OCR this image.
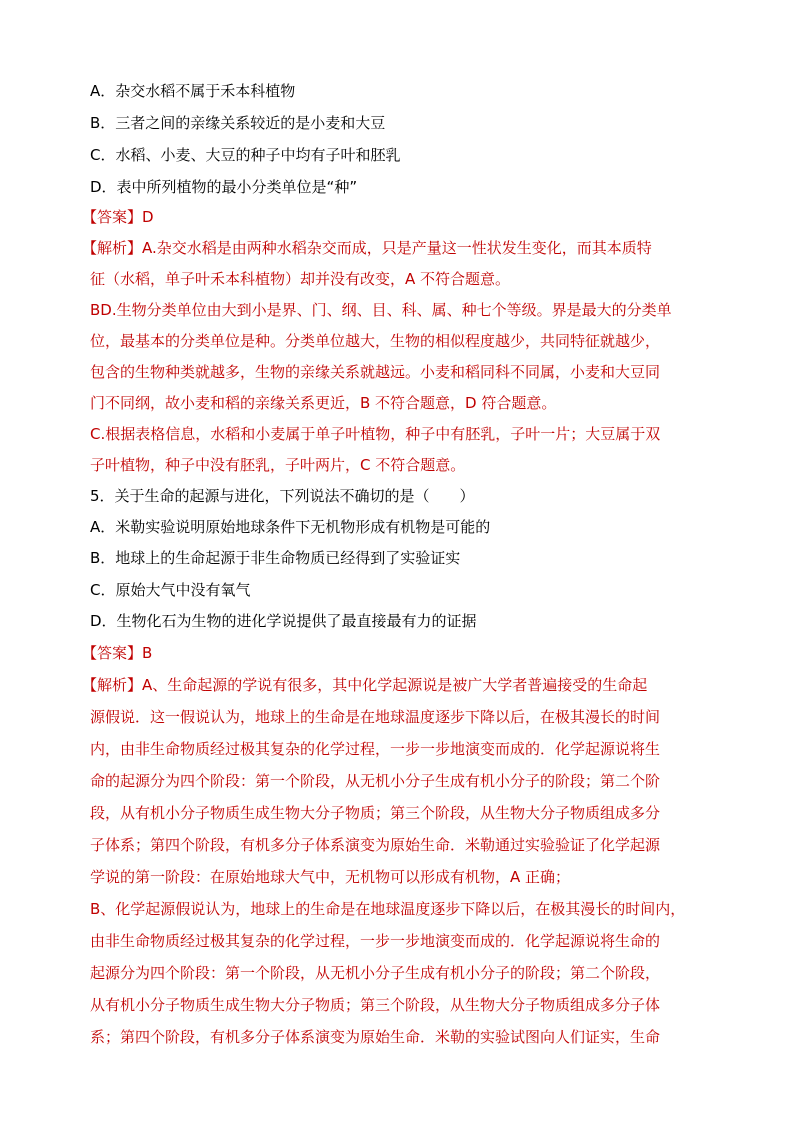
A．杂交水稻不属于禾本科植物
B．三者之间的亲缘关系较近的是小麦和大豆
C．水稻、小麦、大豆的种子中均有子叶和胚乳
D．表中所列植物的最小分类单位是“种”
【答案】D
【解析】A.杂交水稻是由两种水稻杂交而成，只是产量这一性状发生变化，而其本质特
征（水稻，单子叶禾本科植物）却并没有改变，A 不符合题意。
BD.生物分类单位由大到小是界、门、纲、目、科、属、种七个等级。界是最大的分类单
位，最基本的分类单位是种。分类单位越大，生物的相似程度越少，共同特征就越少，
包含的生物种类就越多，生物的亲缘关系就越远。小麦和稻同科不同属，小麦和大豆同
门不同纲，故小麦和稻的亲缘关系更近，B 不符合题意，D 符合题意。
C.根据表格信息，水稻和小麦属于单子叶植物，种子中有胚乳，子叶一片；大豆属于双
子叶植物，种子中没有胚乳，子叶两片，C 不符合题意。
5．关于生命的起源与进化，下列说法不确切的是（　　）
A．米勒实验说明原始地球条件下无机物形成有机物是可能的
B．地球上的生命起源于非生命物质已经得到了实验证实
C．原始大气中没有氧气
D．生物化石为生物的进化学说提供了最直接最有力的证据
【答案】B
【解析】A、生命起源的学说有很多，其中化学起源说是被广大学者普遍接受的生命起
源假说．这一假说认为，地球上的生命是在地球温度逐步下降以后，在极其漫长的时间
内，由非生命物质经过极其复杂的化学过程，一步一步地演变而成的．化学起源说将生
命的起源分为四个阶段：第一个阶段，从无机小分子生成有机小分子的阶段；第二个阶
段，从有机小分子物质生成生物大分子物质；第三个阶段，从生物大分子物质组成多分
子体系；第四个阶段，有机多分子体系演变为原始生命．米勒通过实验验证了化学起源
学说的第一阶段：在原始地球大气中，无机物可以形成有机物，A 正确；
B、化学起源假说认为，地球上的生命是在地球温度逐步下降以后，在极其漫长的时间内，
由非生命物质经过极其复杂的化学过程，一步一步地演变而成的．化学起源说将生命的
起源分为四个阶段：第一个阶段，从无机小分子生成有机小分子的阶段；第二个阶段，
从有机小分子物质生成生物大分子物质；第三个阶段，从生物大分子物质组成多分子体
系；第四个阶段，有机多分子体系演变为原始生命．米勒的实验试图向人们证实，生命
